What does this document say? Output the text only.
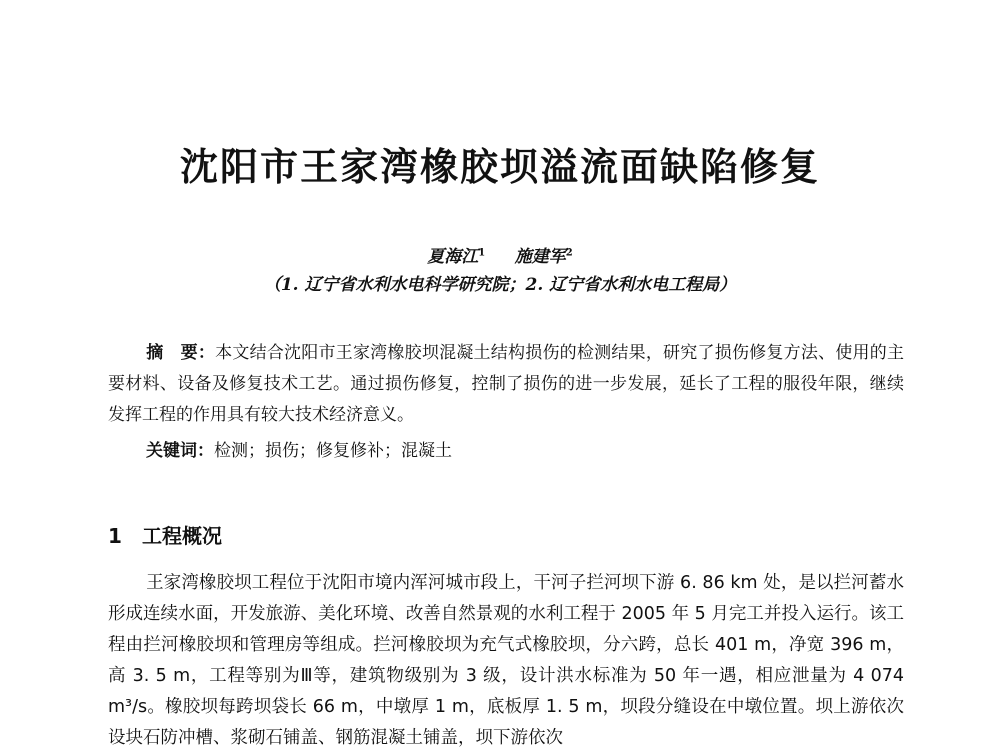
沈阳市王家湾橡胶坝溢流面缺陷修复
夏海江$^1$ 施建军$^2$
（1. 辽宁省水利水电科学研究院；2. 辽宁省水利水电工程局）
摘　要：本文结合沈阳市王家湾橡胶坝混凝土结构损伤的检测结果，研究了损伤修复方法、使用的主要材料、设备及修复技术工艺。通过损伤修复，控制了损伤的进一步发展，延长了工程的服役年限，继续发挥工程的作用具有较大技术经济意义。
关键词：检测；损伤；修复修补；混凝土
1 工程概况
王家湾橡胶坝工程位于沈阳市境内浑河城市段上，干河子拦河坝下游 6. 86 km 处，是以拦河蓄水形成连续水面，开发旅游、美化环境、改善自然景观的水利工程于 2005 年 5 月完工并投入运行。该工程由拦河橡胶坝和管理房等组成。拦河橡胶坝为充气式橡胶坝，分六跨，总长 401 m，净宽 396 m，高 3. 5 m，工程等别为Ⅲ等，建筑物级别为 3 级，设计洪水标准为 50 年一遇，相应泄量为 4 074 m³/s。橡胶坝每跨坝袋长 66 m，中墩厚 1 m，底板厚 1. 5 m，坝段分缝设在中墩位置。坝上游依次设块石防冲槽、浆砌石铺盖、钢筋混凝土铺盖，坝下游依次
